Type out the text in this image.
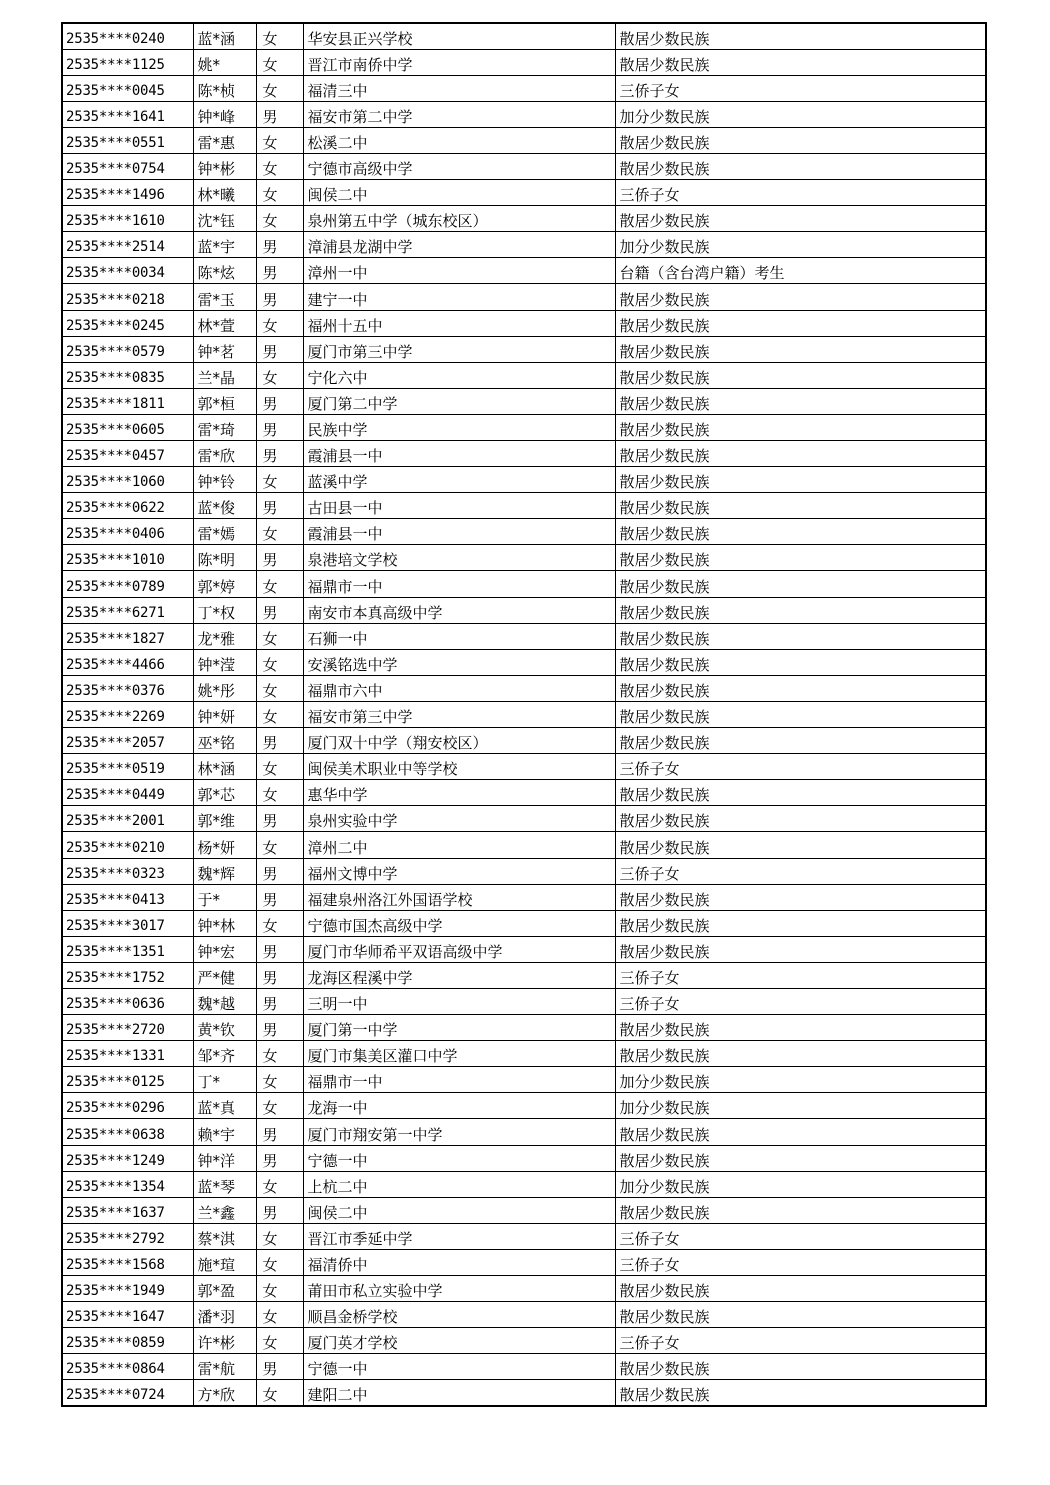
2535****0240	蓝*涵	女	华安县正兴学校	散居少数民族
2535****1125	姚*	女	晋江市南侨中学	散居少数民族
2535****0045	陈*桢	女	福清三中	三侨子女
2535****1641	钟*峰	男	福安市第二中学	加分少数民族
2535****0551	雷*惠	女	松溪二中	散居少数民族
2535****0754	钟*彬	女	宁德市高级中学	散居少数民族
2535****1496	林*曦	女	闽侯二中	三侨子女
2535****1610	沈*钰	女	泉州第五中学（城东校区）	散居少数民族
2535****2514	蓝*宇	男	漳浦县龙湖中学	加分少数民族
2535****0034	陈*炫	男	漳州一中	台籍（含台湾户籍）考生
2535****0218	雷*玉	男	建宁一中	散居少数民族
2535****0245	林*萱	女	福州十五中	散居少数民族
2535****0579	钟*茗	男	厦门市第三中学	散居少数民族
2535****0835	兰*晶	女	宁化六中	散居少数民族
2535****1811	郭*桓	男	厦门第二中学	散居少数民族
2535****0605	雷*琦	男	民族中学	散居少数民族
2535****0457	雷*欣	男	霞浦县一中	散居少数民族
2535****1060	钟*铃	女	蓝溪中学	散居少数民族
2535****0622	蓝*俊	男	古田县一中	散居少数民族
2535****0406	雷*嫣	女	霞浦县一中	散居少数民族
2535****1010	陈*明	男	泉港培文学校	散居少数民族
2535****0789	郭*婷	女	福鼎市一中	散居少数民族
2535****6271	丁*权	男	南安市本真高级中学	散居少数民族
2535****1827	龙*雅	女	石狮一中	散居少数民族
2535****4466	钟*滢	女	安溪铭选中学	散居少数民族
2535****0376	姚*彤	女	福鼎市六中	散居少数民族
2535****2269	钟*妍	女	福安市第三中学	散居少数民族
2535****2057	巫*铭	男	厦门双十中学（翔安校区）	散居少数民族
2535****0519	林*涵	女	闽侯美术职业中等学校	三侨子女
2535****0449	郭*芯	女	惠华中学	散居少数民族
2535****2001	郭*维	男	泉州实验中学	散居少数民族
2535****0210	杨*妍	女	漳州二中	散居少数民族
2535****0323	魏*辉	男	福州文博中学	三侨子女
2535****0413	于*	男	福建泉州洛江外国语学校	散居少数民族
2535****3017	钟*林	女	宁德市国杰高级中学	散居少数民族
2535****1351	钟*宏	男	厦门市华师希平双语高级中学	散居少数民族
2535****1752	严*健	男	龙海区程溪中学	三侨子女
2535****0636	魏*越	男	三明一中	三侨子女
2535****2720	黄*钦	男	厦门第一中学	散居少数民族
2535****1331	邹*齐	女	厦门市集美区灌口中学	散居少数民族
2535****0125	丁*	女	福鼎市一中	加分少数民族
2535****0296	蓝*真	女	龙海一中	加分少数民族
2535****0638	赖*宇	男	厦门市翔安第一中学	散居少数民族
2535****1249	钟*洋	男	宁德一中	散居少数民族
2535****1354	蓝*琴	女	上杭二中	加分少数民族
2535****1637	兰*鑫	男	闽侯二中	散居少数民族
2535****2792	蔡*淇	女	晋江市季延中学	三侨子女
2535****1568	施*瑄	女	福清侨中	三侨子女
2535****1949	郭*盈	女	莆田市私立实验中学	散居少数民族
2535****1647	潘*羽	女	顺昌金桥学校	散居少数民族
2535****0859	许*彬	女	厦门英才学校	三侨子女
2535****0864	雷*航	男	宁德一中	散居少数民族
2535****0724	方*欣	女	建阳二中	散居少数民族
